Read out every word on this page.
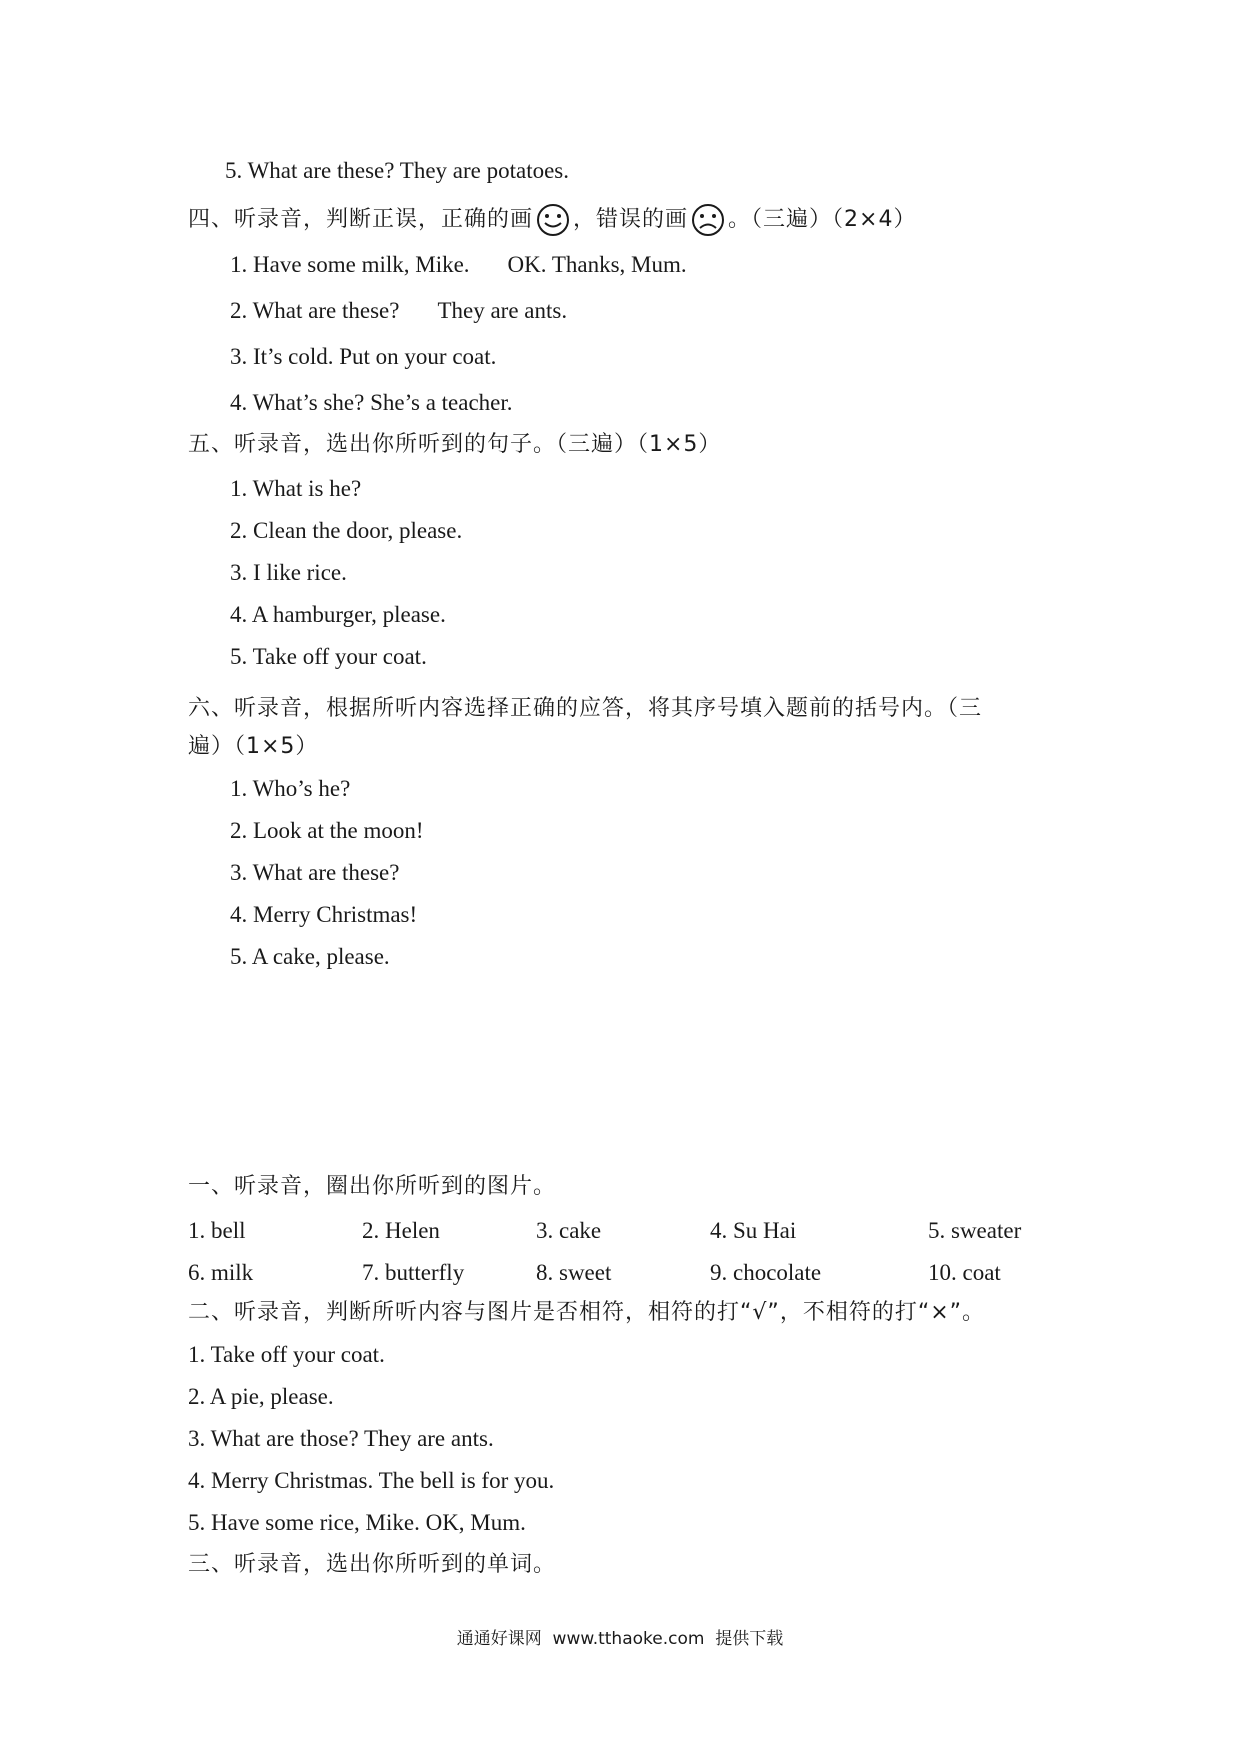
5. What are these? They are potatoes.
四、听录音，判断正误，正确的画 ，错误的画 。（三遍）（2×4）
1. Have some milk, Mike. OK. Thanks, Mum.
2. What are these? They are ants.
3. It’s cold. Put on your coat.
4. What’s she? She’s a teacher.
五、听录音，选出你所听到的句子。（三遍）（1×5）
1. What is he?
2. Clean the door, please.
3. I like rice.
4. A hamburger, please.
5. Take off your coat.
六、听录音，根据所听内容选择正确的应答，将其序号填入题前的括号内。（三
遍）（1×5）
1. Who’s he?
2. Look at the moon!
3. What are these?
4. Merry Christmas!
5. A cake, please.
一、听录音，圈出你所听到的图片。
1. bell	2. Helen	3. cake	4. Su Hai	5. sweater
6. milk	7. butterfly	8. sweet	9. chocolate	10. coat
二、听录音，判断所听内容与图片是否相符，相符的打“√”，不相符的打“×”。
1. Take off your coat.
2. A pie, please.
3. What are those? They are ants.
4. Merry Christmas. The bell is for you.
5. Have some rice, Mike. OK, Mum.
三、听录音，选出你所听到的单词。
通通好课网  www.tthaoke.com  提供下载
